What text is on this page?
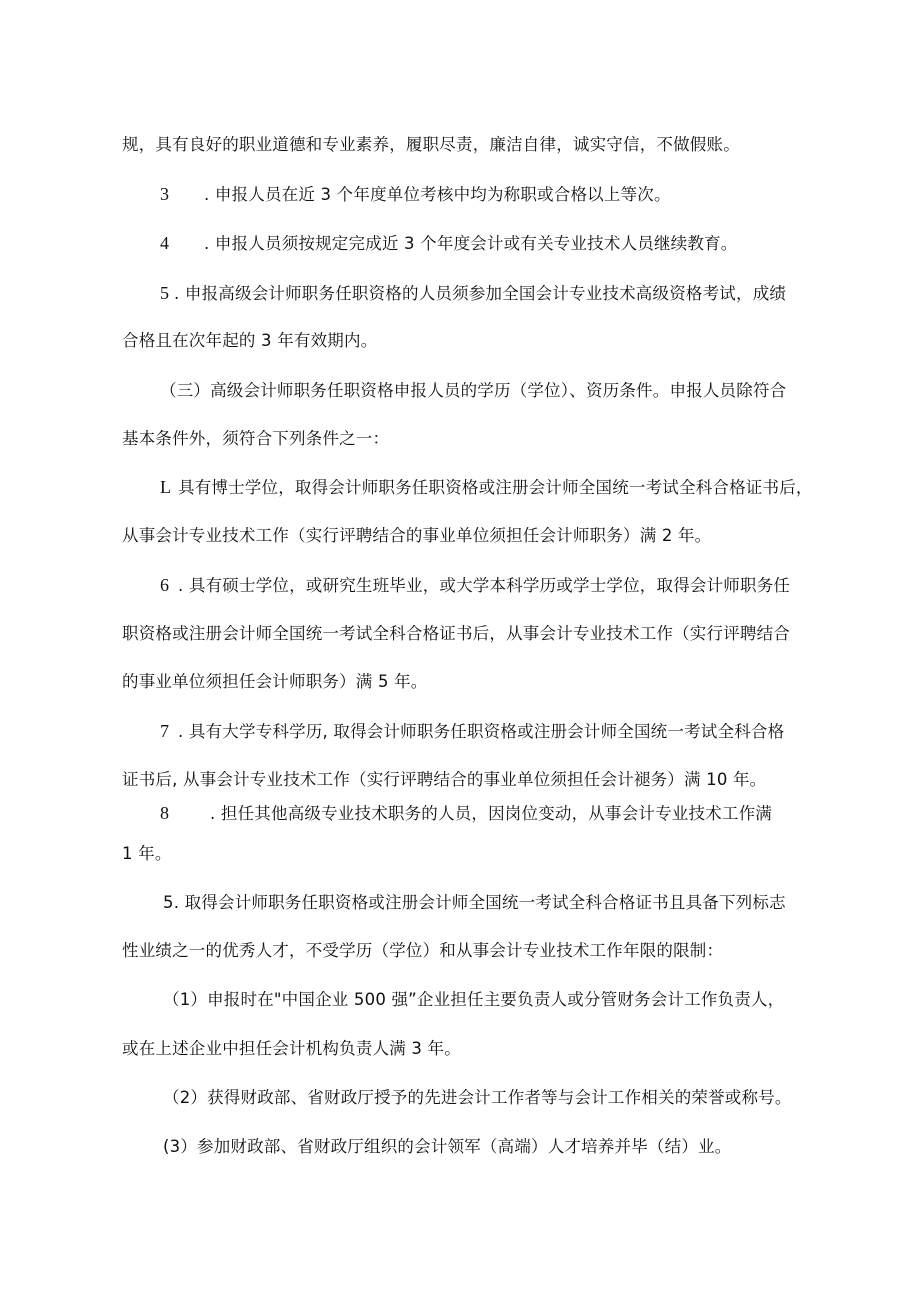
规，具有良好的职业道德和专业素养，履职尽责，廉洁自律，诚实守信，不做假账。
3 . 申报人员在近 3 个年度单位考核中均为称职或合格以上等次。
4 . 申报人员须按规定完成近 3 个年度会计或有关专业技术人员继续教育。
5 . 申报高级会计师职务任职资格的人员须参加全国会计专业技术高级资格考试，成绩
合格且在次年起的 3 年有效期内。
（三）高级会计师职务任职资格申报人员的学历（学位）、资历条件。申报人员除符合
基本条件外，须符合下列条件之一：
L 具有博士学位，取得会计师职务任职资格或注册会计师全国统一考试全科合格证书后，
从事会计专业技术工作（实行评聘结合的事业单位须担任会计师职务）满 2 年。
6 . 具有硕士学位，或研究生班毕业，或大学本科学历或学士学位，取得会计师职务任
职资格或注册会计师全国统一考试全科合格证书后，从事会计专业技术工作（实行评聘结合
的事业单位须担任会计师职务）满 5 年。
7 . 具有大学专科学历, 取得会计师职务任职资格或注册会计师全国统一考试全科合格
证书后, 从事会计专业技术工作（实行评聘结合的事业单位须担任会计褪务）满 10 年。
8 . 担任其他高级专业技术职务的人员，因岗位变动，从事会计专业技术工作满
1 年。
5. 取得会计师职务任职资格或注册会计师全国统一考试全科合格证书且具备下列标志
性业绩之一的优秀人才，不受学历（学位）和从事会计专业技术工作年限的限制：
（1）申报时在"中国企业 500 强”企业担任主要负责人或分管财务会计工作负责人，
或在上述企业中担任会计机构负责人满 3 年。
（2）获得财政部、省财政厅授予的先进会计工作者等与会计工作相关的荣誉或称号。
(3）参加财政部、省财政厅组织的会计领军（高端）人才培养并毕（结）业。
